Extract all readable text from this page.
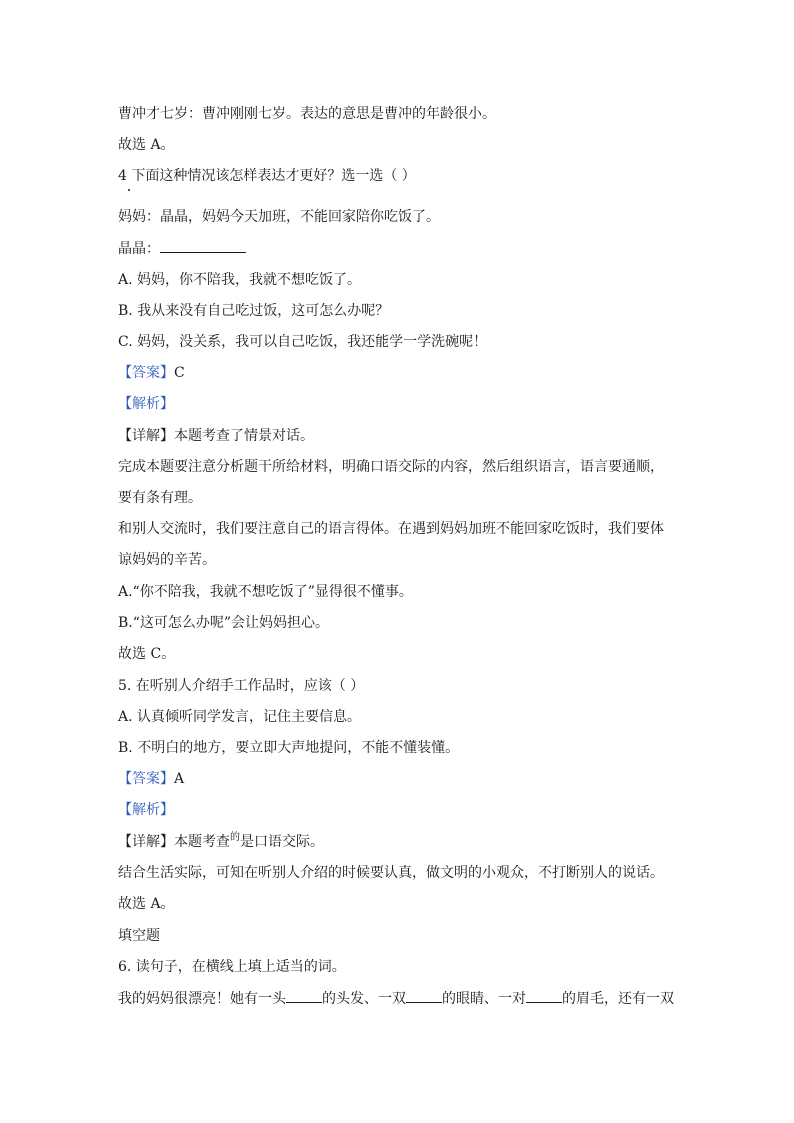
曹冲才七岁：曹冲刚刚七岁。表达的意思是曹冲的年龄很小。
故选 A。
4 下面这种情况该怎样表达才更好？选一选（ ）
妈妈：晶晶，妈妈今天加班，不能回家陪你吃饭了。
晶晶：
A. 妈妈，你不陪我，我就不想吃饭了。
B. 我从来没有自己吃过饭，这可怎么办呢？
C. 妈妈，没关系，我可以自己吃饭，我还能学一学洗碗呢！
【答案】C
【解析】
【详解】本题考查了情景对话。
完成本题要注意分析题干所给材料，明确口语交际的内容，然后组织语言，语言要通顺，
要有条有理。
和别人交流时，我们要注意自己的语言得体。在遇到妈妈加班不能回家吃饭时，我们要体
谅妈妈的辛苦。
A.“你不陪我，我就不想吃饭了”显得很不懂事。
B.“这可怎么办呢”会让妈妈担心。
故选 C。
5. 在听别人介绍手工作品时，应该（ ）
A. 认真倾听同学发言，记住主要信息。
B. 不明白的地方，要立即大声地提问，不能不懂装懂。
【答案】A
【解析】
【详解】本题考查$^的$是口语交际。
结合生活实际，可知在听别人介绍的时候要认真，做文明的小观众，不打断别人的说话。
故选 A。
填空题
6. 读句子，在横线上填上适当的词。
我的妈妈很漂亮！她有一头	的头发、一双	的眼睛、一对	的眉毛，还有一双
